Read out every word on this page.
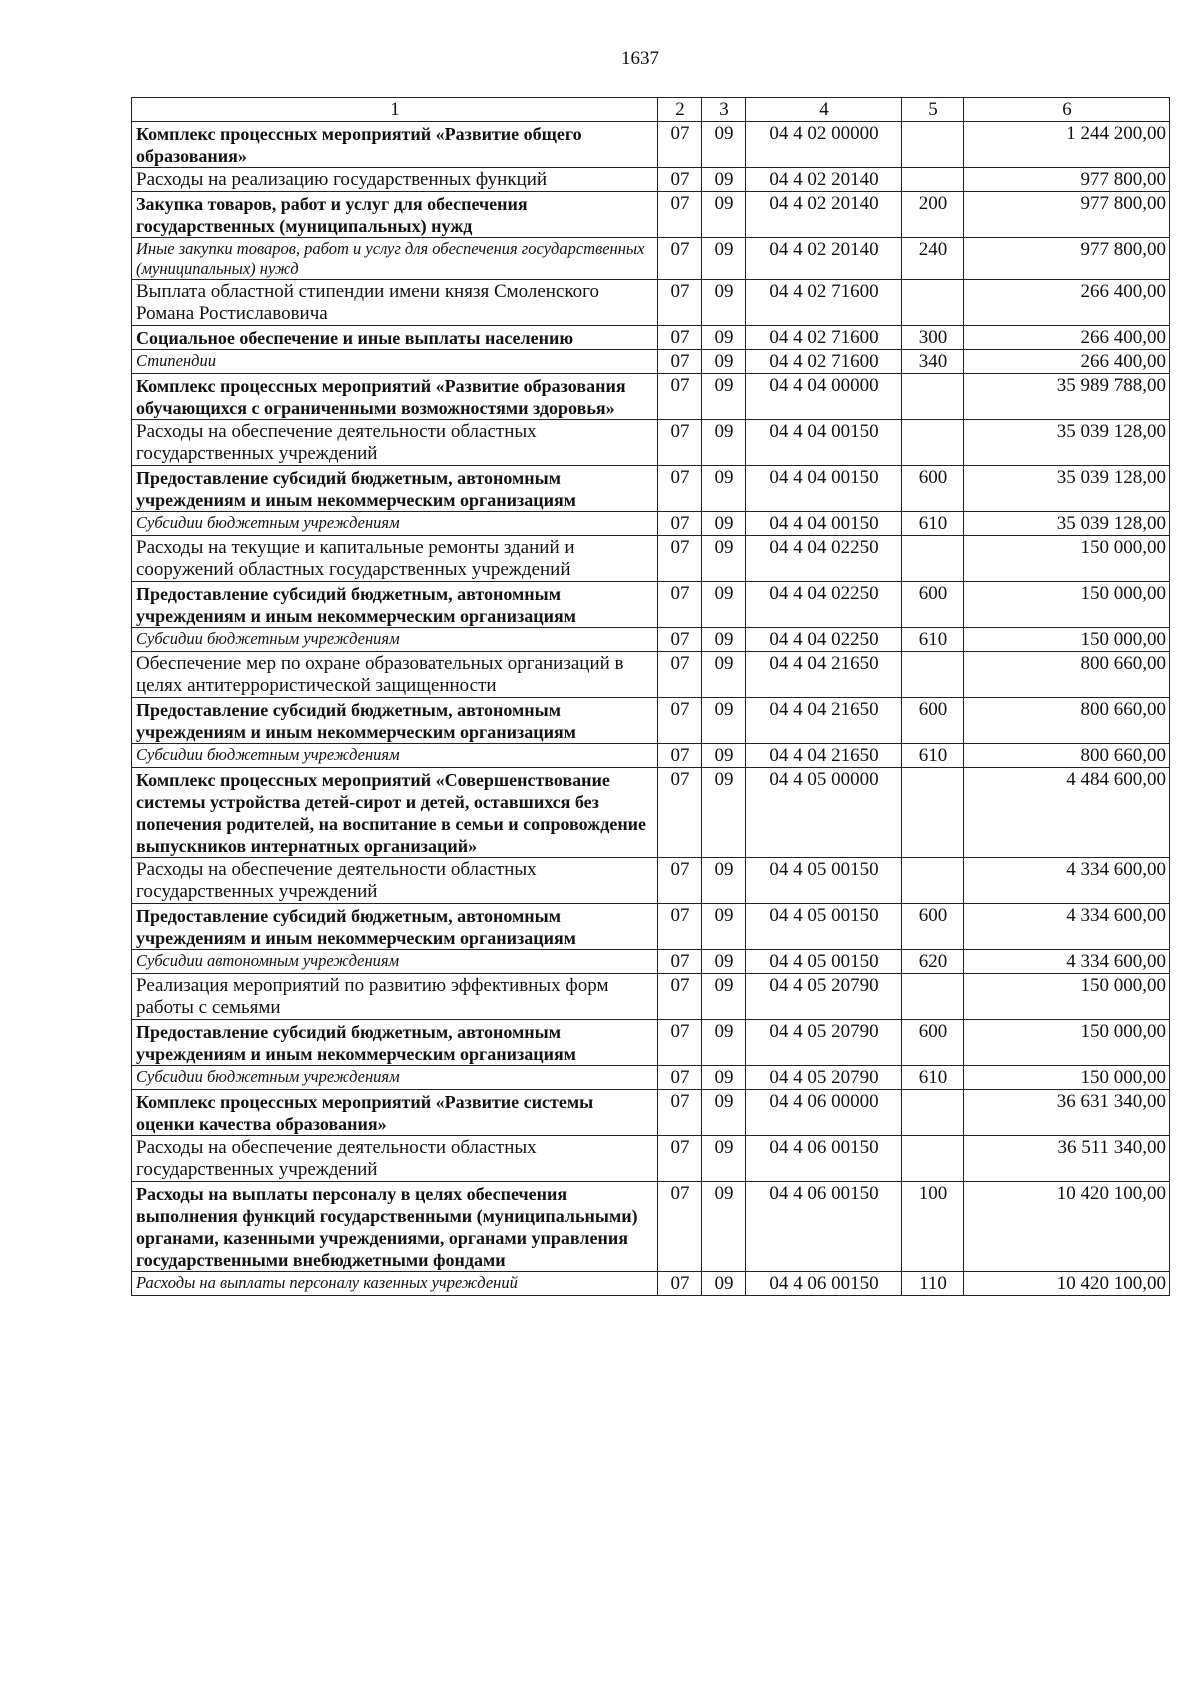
1637
1	2	3	4	5	6
Комплекс процессных мероприятий «Развитие общего образования»	07	09	04 4 02 00000		1 244 200,00
Расходы на реализацию государственных функций	07	09	04 4 02 20140		977 800,00
Закупка товаров, работ и услуг для обеспечения государственных (муниципальных) нужд	07	09	04 4 02 20140	200	977 800,00
Иные закупки товаров, работ и услуг для обеспечения государственных (муниципальных) нужд	07	09	04 4 02 20140	240	977 800,00
Выплата областной стипендии имени князя Смоленского Романа Ростиславовича	07	09	04 4 02 71600		266 400,00
Социальное обеспечение и иные выплаты населению	07	09	04 4 02 71600	300	266 400,00
Стипендии	07	09	04 4 02 71600	340	266 400,00
Комплекс процессных мероприятий «Развитие образования обучающихся с ограниченными возможностями здоровья»	07	09	04 4 04 00000		35 989 788,00
Расходы на обеспечение деятельности областных государственных учреждений	07	09	04 4 04 00150		35 039 128,00
Предоставление субсидий бюджетным, автономным учреждениям и иным некоммерческим организациям	07	09	04 4 04 00150	600	35 039 128,00
Субсидии бюджетным учреждениям	07	09	04 4 04 00150	610	35 039 128,00
Расходы на текущие и капитальные ремонты зданий и сооружений областных государственных учреждений	07	09	04 4 04 02250		150 000,00
Предоставление субсидий бюджетным, автономным учреждениям и иным некоммерческим организациям	07	09	04 4 04 02250	600	150 000,00
Субсидии бюджетным учреждениям	07	09	04 4 04 02250	610	150 000,00
Обеспечение мер по охране образовательных организаций в целях антитеррористической защищенности	07	09	04 4 04 21650		800 660,00
Предоставление субсидий бюджетным, автономным учреждениям и иным некоммерческим организациям	07	09	04 4 04 21650	600	800 660,00
Субсидии бюджетным учреждениям	07	09	04 4 04 21650	610	800 660,00
Комплекс процессных мероприятий «Совершенствование системы устройства детей-сирот и детей, оставшихся без попечения родителей, на воспитание в семьи и сопровождение выпускников интернатных организаций»	07	09	04 4 05 00000		4 484 600,00
Расходы на обеспечение деятельности областных государственных учреждений	07	09	04 4 05 00150		4 334 600,00
Предоставление субсидий бюджетным, автономным учреждениям и иным некоммерческим организациям	07	09	04 4 05 00150	600	4 334 600,00
Субсидии автономным учреждениям	07	09	04 4 05 00150	620	4 334 600,00
Реализация мероприятий по развитию эффективных форм работы с семьями	07	09	04 4 05 20790		150 000,00
Предоставление субсидий бюджетным, автономным учреждениям и иным некоммерческим организациям	07	09	04 4 05 20790	600	150 000,00
Субсидии бюджетным учреждениям	07	09	04 4 05 20790	610	150 000,00
Комплекс процессных мероприятий «Развитие системы оценки качества образования»	07	09	04 4 06 00000		36 631 340,00
Расходы на обеспечение деятельности областных государственных учреждений	07	09	04 4 06 00150		36 511 340,00
Расходы на выплаты персоналу в целях обеспечения выполнения функций государственными (муниципальными) органами, казенными учреждениями, органами управления государственными внебюджетными фондами	07	09	04 4 06 00150	100	10 420 100,00
Расходы на выплаты персоналу казенных учреждений	07	09	04 4 06 00150	110	10 420 100,00
